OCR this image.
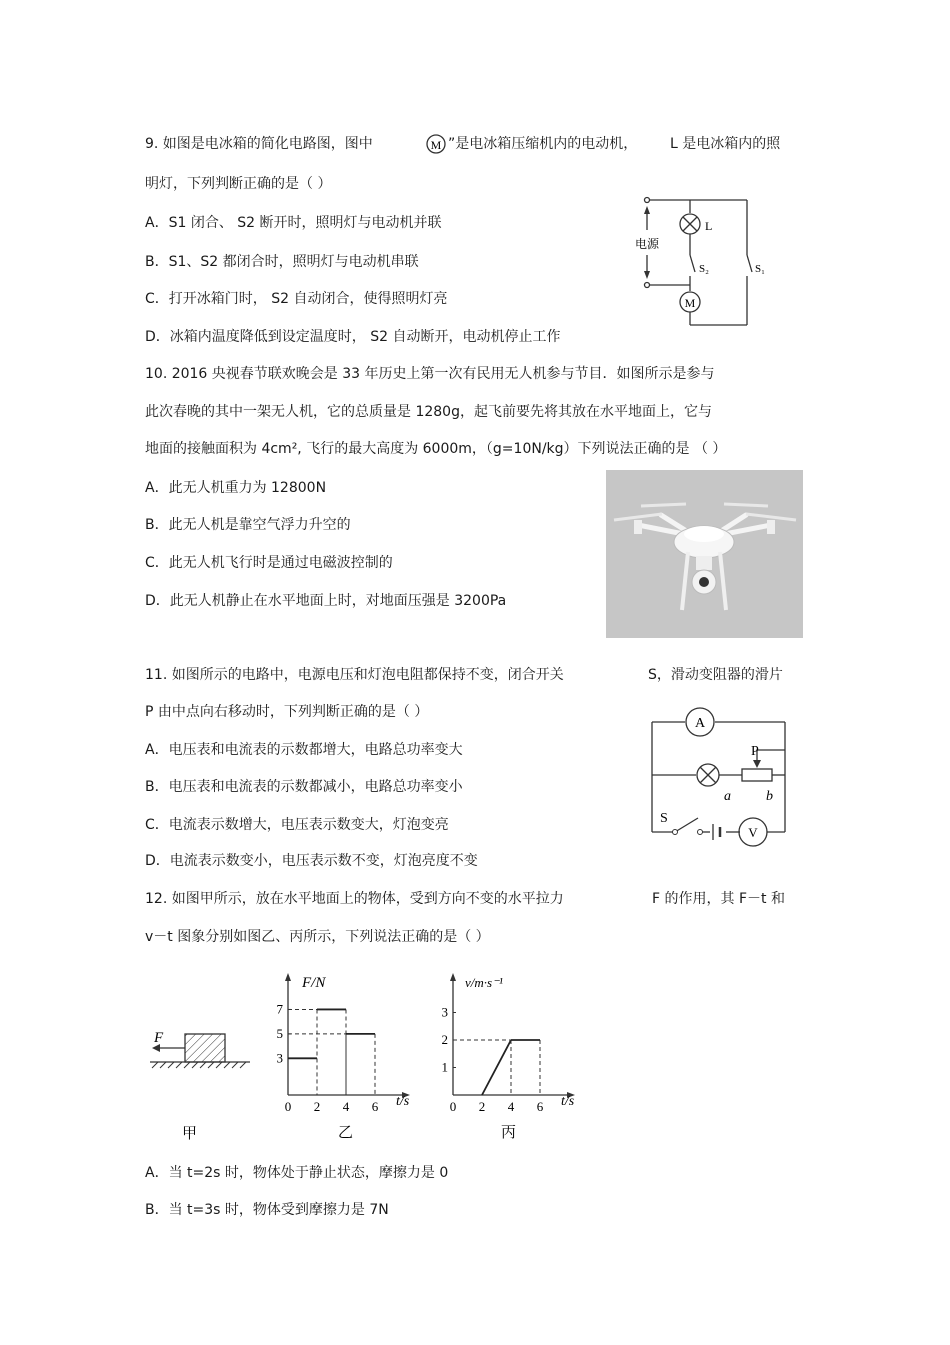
9. 如图是电冰箱的简化电路图，图中	M ”是电冰箱压缩机内的电动机， L 是电冰箱内的照
明灯，下列判断正确的是（ ）
A．S1 闭合、 S2 断开时，照明灯与电动机并联
B．S1、S2 都闭合时，照明灯与电动机串联
C．打开冰箱门时， S2 自动闭合，使得照明灯亮
D．冰箱内温度降低到设定温度时， S2 自动断开，电动机停止工作
电源
L
S₂	S₁
M
10. 2016 央视春节联欢晚会是 33 年历史上第一次有民用无人机参与节目．如图所示是参与
此次春晚的其中一架无人机，它的总质量是 1280g，起飞前要先将其放在水平地面上，它与
地面的接触面积为 4cm², 飞行的最大高度为 6000m，（g=10N/kg）下列说法正确的是 （ ）
A．此无人机重力为 12800N
B．此无人机是靠空气浮力升空的
C．此无人机飞行时是通过电磁波控制的
D．此无人机静止在水平地面上时，对地面压强是 3200Pa
11. 如图所示的电路中，电源电压和灯泡电阻都保持不变，闭合开关	S，滑动变阻器的滑片
P 由中点向右移动时，下列判断正确的是（ ）
A．电压表和电流表的示数都增大，电路总功率变大
B．电压表和电流表的示数都减小，电路总功率变小
C．电流表示数增大，电压表示数变大，灯泡变亮
D．电流表示数变小，电压表示数不变，灯泡亮度不变
A
V
P
a	b
S
12. 如图甲所示，放在水平地面上的物体，受到方向不变的水平拉力	F 的作用，其 F－t 和
v－t 图象分别如图乙、丙所示，下列说法正确的是（ ）
F
甲
0 2 4 6
3
5
7
F/N
t/s
乙
0 2 4 6
1
2
3
v/m·s⁻¹
t/s
丙
A．当 t=2s 时，物体处于静止状态，摩擦力是 0
B．当 t=3s 时，物体受到摩擦力是 7N
